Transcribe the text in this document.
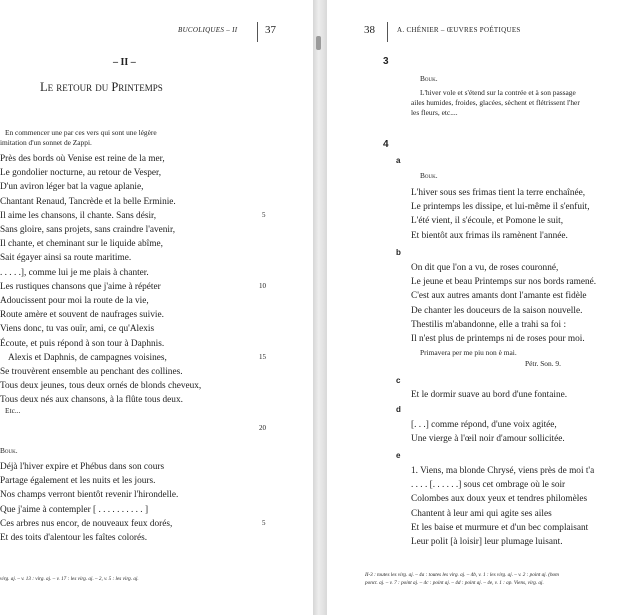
BUCOLIQUES – II	37
– II –
Le retour du Printemps
En commencer une par ces vers qui sont une légère
imitation d'un sonnet de Zappi.
Près des bords où Venise est reine de la mer,
Le gondolier nocturne, au retour de Vesper,
D'un aviron léger bat la vague aplanie,
Chantant Renaud, Tancrède et la belle Erminie.
Il aime les chansons, il chante. Sans désir,
Sans gloire, sans projets, sans craindre l'avenir,
Il chante, et cheminant sur le liquide abîme,
Sait égayer ainsi sa route maritime.
. . . . .], comme lui je me plais à chanter.
Les rustiques chansons que j'aime à répéter
Adoucissent pour moi la route de la vie,
Route amère et souvent de naufrages suivie.
Viens donc, tu vas ouïr, ami, ce qu'Alexis
Écoute, et puis répond à son tour à Daphnis.
Alexis et Daphnis, de campagnes voisines,
Se trouvèrent ensemble au penchant des collines.
Tous deux jeunes, tous deux ornés de blonds cheveux,
Tous deux nés aux chansons, à la flûte tous deux.
5
10
15
20
Etc...
Bouk.
Déjà l'hiver expire et Phébus dans son cours
Partage également et les nuits et les jours.
Nos champs verront bientôt revenir l'hirondelle.
Que j'aime à contempler [ . . . . . . . . . . ]
Ces arbres nus encor, de nouveaux feux dorés,
Et des toits d'alentour les faîtes colorés.
5
virg. aj. – v. 13 : virg. aj. – v. 17 : les virg. aj. – 2, v. 5 : les virg. aj.
38	A. CHÉNIER – ŒUVRES POÉTIQUES
3
Bouk.
L'hiver vole et s'étend sur la contrée et à son passage
ailes humides, froides, glacées, sèchent et flétrissent l'her
les fleurs, etc....
4
a
Bouk.
L'hiver sous ses frimas tient la terre enchaînée,
Le printemps les dissipe, et lui-même il s'enfuit,
L'été vient, il s'écoule, et Pomone le suit,
Et bientôt aux frimas ils ramènent l'année.
b
On dit que l'on a vu, de roses couronné,
Le jeune et beau Printemps sur nos bords ramené.
C'est aux autres amants dont l'amante est fidèle
De chanter les douceurs de la saison nouvelle.
Thestilis m'abandonne, elle a trahi sa foi :
Il n'est plus de printemps ni de roses pour moi.
Primavera per me piu non è mai.
Pétr. Son. 9.
c
Et le dormir suave au bord d'une fontaine.
d
[. . .] comme répond, d'une voix agitée,
Une vierge à l'œil noir d'amour sollicitée.
e
1. Viens, ma blonde Chrysé, viens près de moi t'a
. . . . [. . . . . .] sous cet ombrage où le soir
Colombes aux doux yeux et tendres philomèles
Chantent à leur ami qui agite ses ailes
Et les baise et murmure et d'un bec complaisant
Leur polit [à loisir] leur plumage luisant.
II-3 : toutes les virg. aj. – 4a : toutes les virg. aj. – 4b, v. 1 : les virg. aj. – v. 2 : point aj. (hom
ponct. aj. – v. 7 : point aj. – 4c : point aj. – 4d : point aj. – 4e, v. 1 : ap. Viens, virg. aj.
